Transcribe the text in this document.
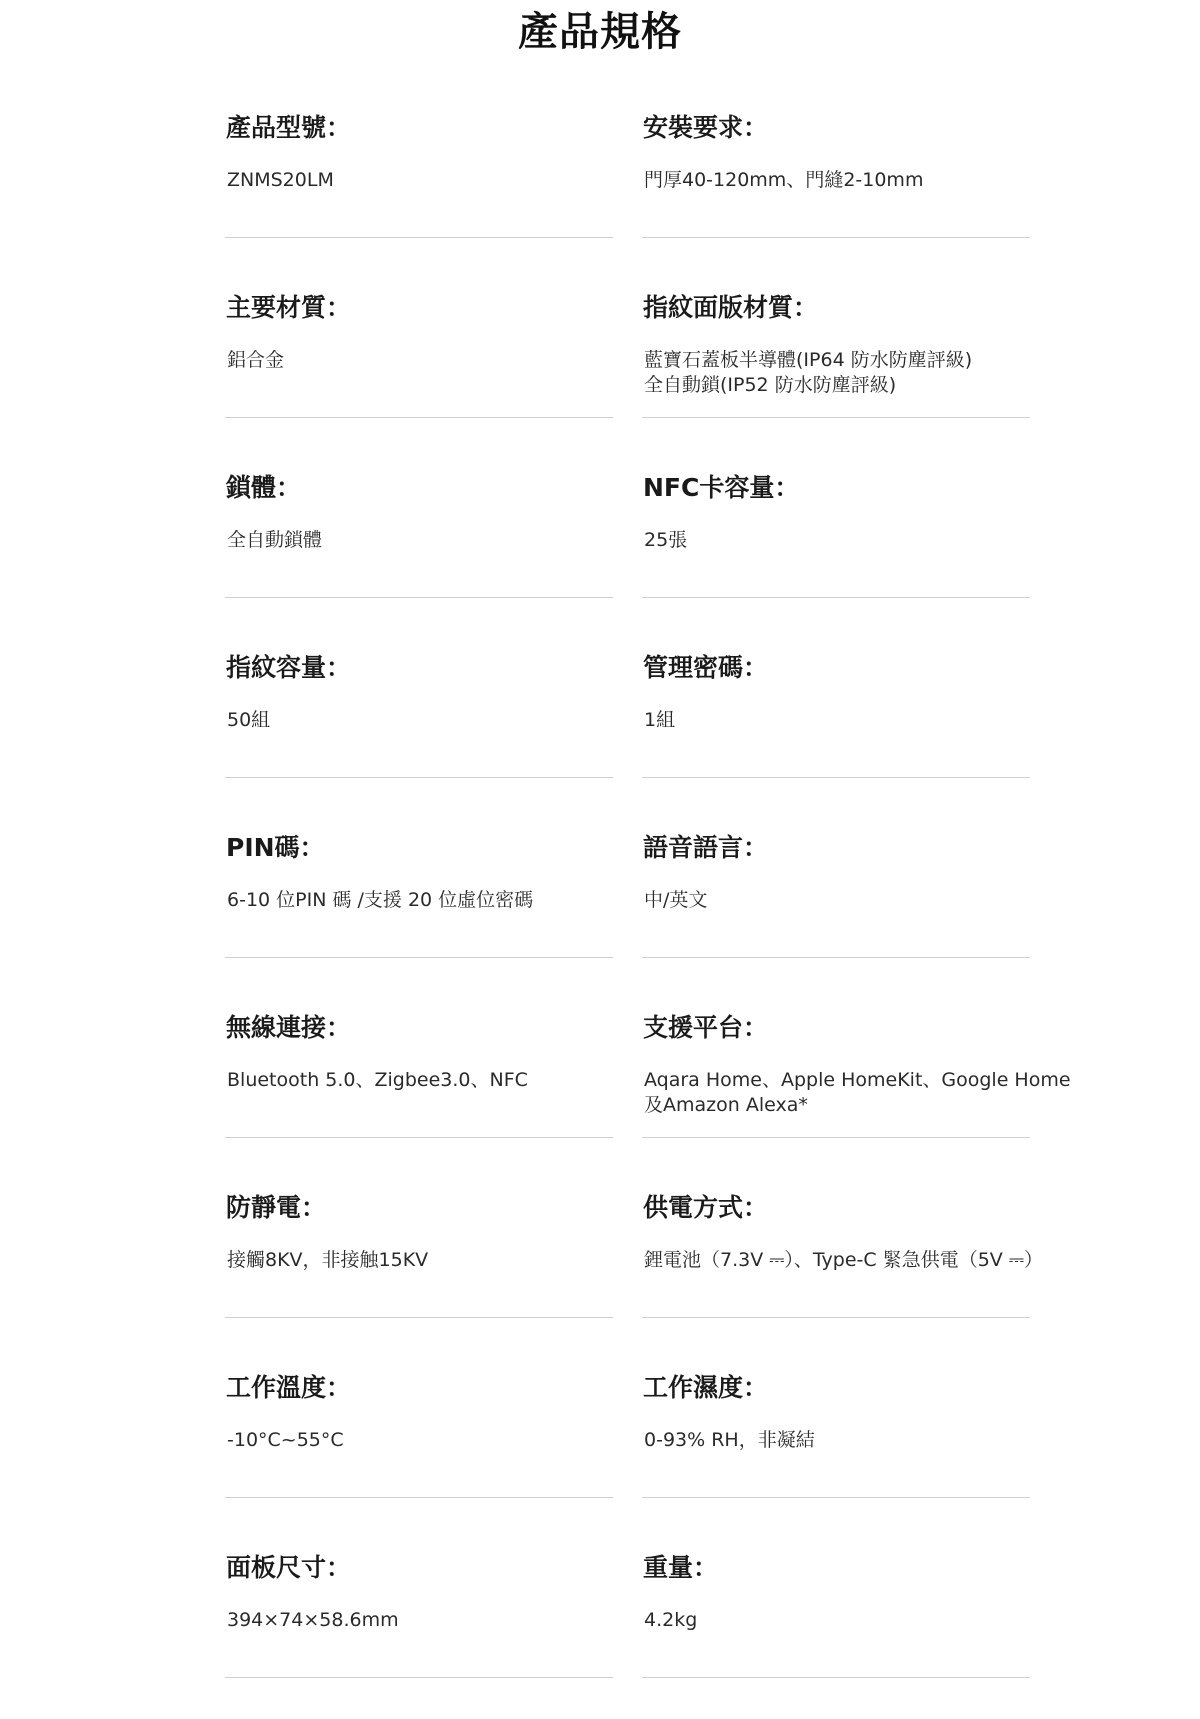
產品規格
產品型號：
ZNMS20LM
安裝要求：
門厚40-120mm、門縫2-10mm
主要材質：
鋁合金
指紋面版材質：
藍寶石蓋板半導體(IP64 防水防塵評級)
全自動鎖(IP52 防水防塵評級)
鎖體：
全自動鎖體
NFC卡容量：
25張
指紋容量：
50組
管理密碼：
1組
PIN碼：
6-10 位PIN 碼 /支援 20 位虛位密碼
語音語言：
中/英文
無線連接：
Bluetooth 5.0、Zigbee3.0、NFC
支援平台：
Aqara Home、Apple HomeKit、Google Home
及Amazon Alexa*
防靜電：
接觸8KV，非接触15KV
供電方式：
鋰電池（7.3V ⎓）、Type-C 緊急供電（5V ⎓）
工作溫度：
-10°C~55°C
工作濕度：
0-93% RH，非凝結
面板尺寸：
394×74×58.6mm
重量：
4.2kg
